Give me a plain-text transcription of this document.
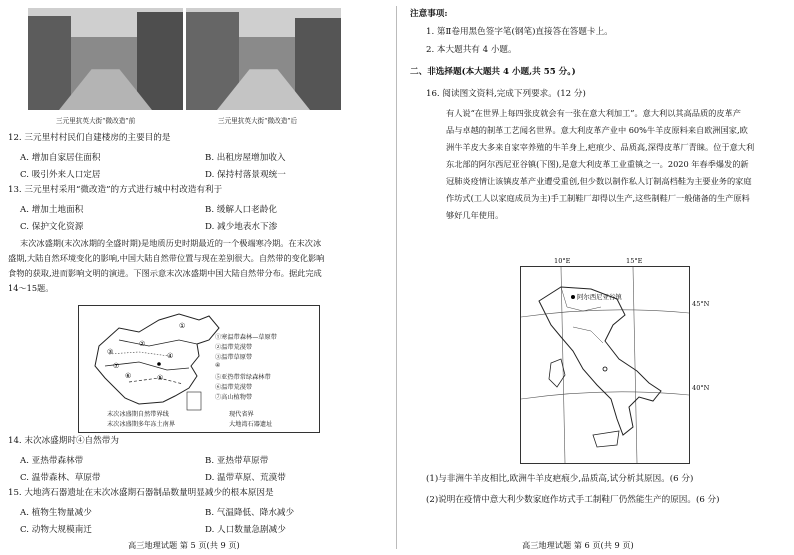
三元里抗英大街“微改造”前	三元里抗英大街“微改造”后
12. 三元里村村民们自建楼房的主要目的是
A. 增加自家居住面积	B. 出租房屋增加收入
C. 吸引外来人口定居	D. 保持村落景观统一
13. 三元里村采用“微改造”的方式进行城中村改造有利于
A. 增加土地面积	B. 缓解人口老龄化
C. 保护文化资源	D. 减少地表水下渗
末次冰盛期(末次冰期的全盛时期)是地质历史时期最近的一个极端寒冷期。在末次冰
盛期,大陆自然环境变化的影响,中国大陆自然带位置与现在差别很大。自然带的变化影响
食物的获取,进而影响文明的演进。下图示意末次冰盛期中国大陆自然带分布。据此完成
14～15题。
①
②
③	④
⑤
⑥
⑦
①寒温带森林—草原带
②温带荒漠带
③温带草原带
④
⑤亚热带常绿森林带
⑥温带荒漠带
⑦高山植物带
末次冰盛期自然带界线
末次冰盛期多年冻土南界
现代省界
大地湾石器遗址
14. 末次冰盛期时④自然带为
A. 亚热带森林带	B. 亚热带草原带
C. 温带森林、草原带	D. 温带草原、荒漠带
15. 大地湾石器遗址在末次冰盛期石器制品数量明显减少的根本原因是
A. 植物生物量减少	B. 气温降低、降水减少
C. 动物大规模南迁	D. 人口数量急剧减少
高三地理试题 第 5 页(共 9 页)
注意事项:
1. 第Ⅱ卷用黑色签字笔(钢笔)直接答在答题卡上。
2. 本大题共有 4 小题。
二、非选择题(本大题共 4 小题,共 55 分。)
16. 阅读图文资料,完成下列要求。(12 分)
有人说“在世界上每四张皮就会有一张在意大利加工”。意大利以其高品质的皮革产
品与卓越的制革工艺闻名世界。意大利皮革产业中 60%牛羊皮原料来自欧洲国家,欧
洲牛羊皮大多来自家宰养殖的牛羊身上,疤痕少、品质高,深得皮革厂青睐。位于意大利
东北部的阿尔西尼亚谷镇(下图),是意大利皮革工业重镇之一。2020 年春季爆发的新
冠肺炎疫情让该镇皮革产业遭受重创,但少数以制作私人订制高档鞋为主要业务的家庭
作坊式(工人以家庭成员为主)手工制鞋厂却得以生产,这些制鞋厂一般储备的生产原料
够好几年使用。
阿尔西尼亚谷镇
10°E	15°E
45°N
40°N
(1)与非洲牛羊皮相比,欧洲牛羊皮疤痕少,品质高,试分析其原因。(6 分)
(2)说明在疫情中意大利少数家庭作坊式手工制鞋厂仍然能生产的原因。(6 分)
高三地理试题 第 6 页(共 9 页)
